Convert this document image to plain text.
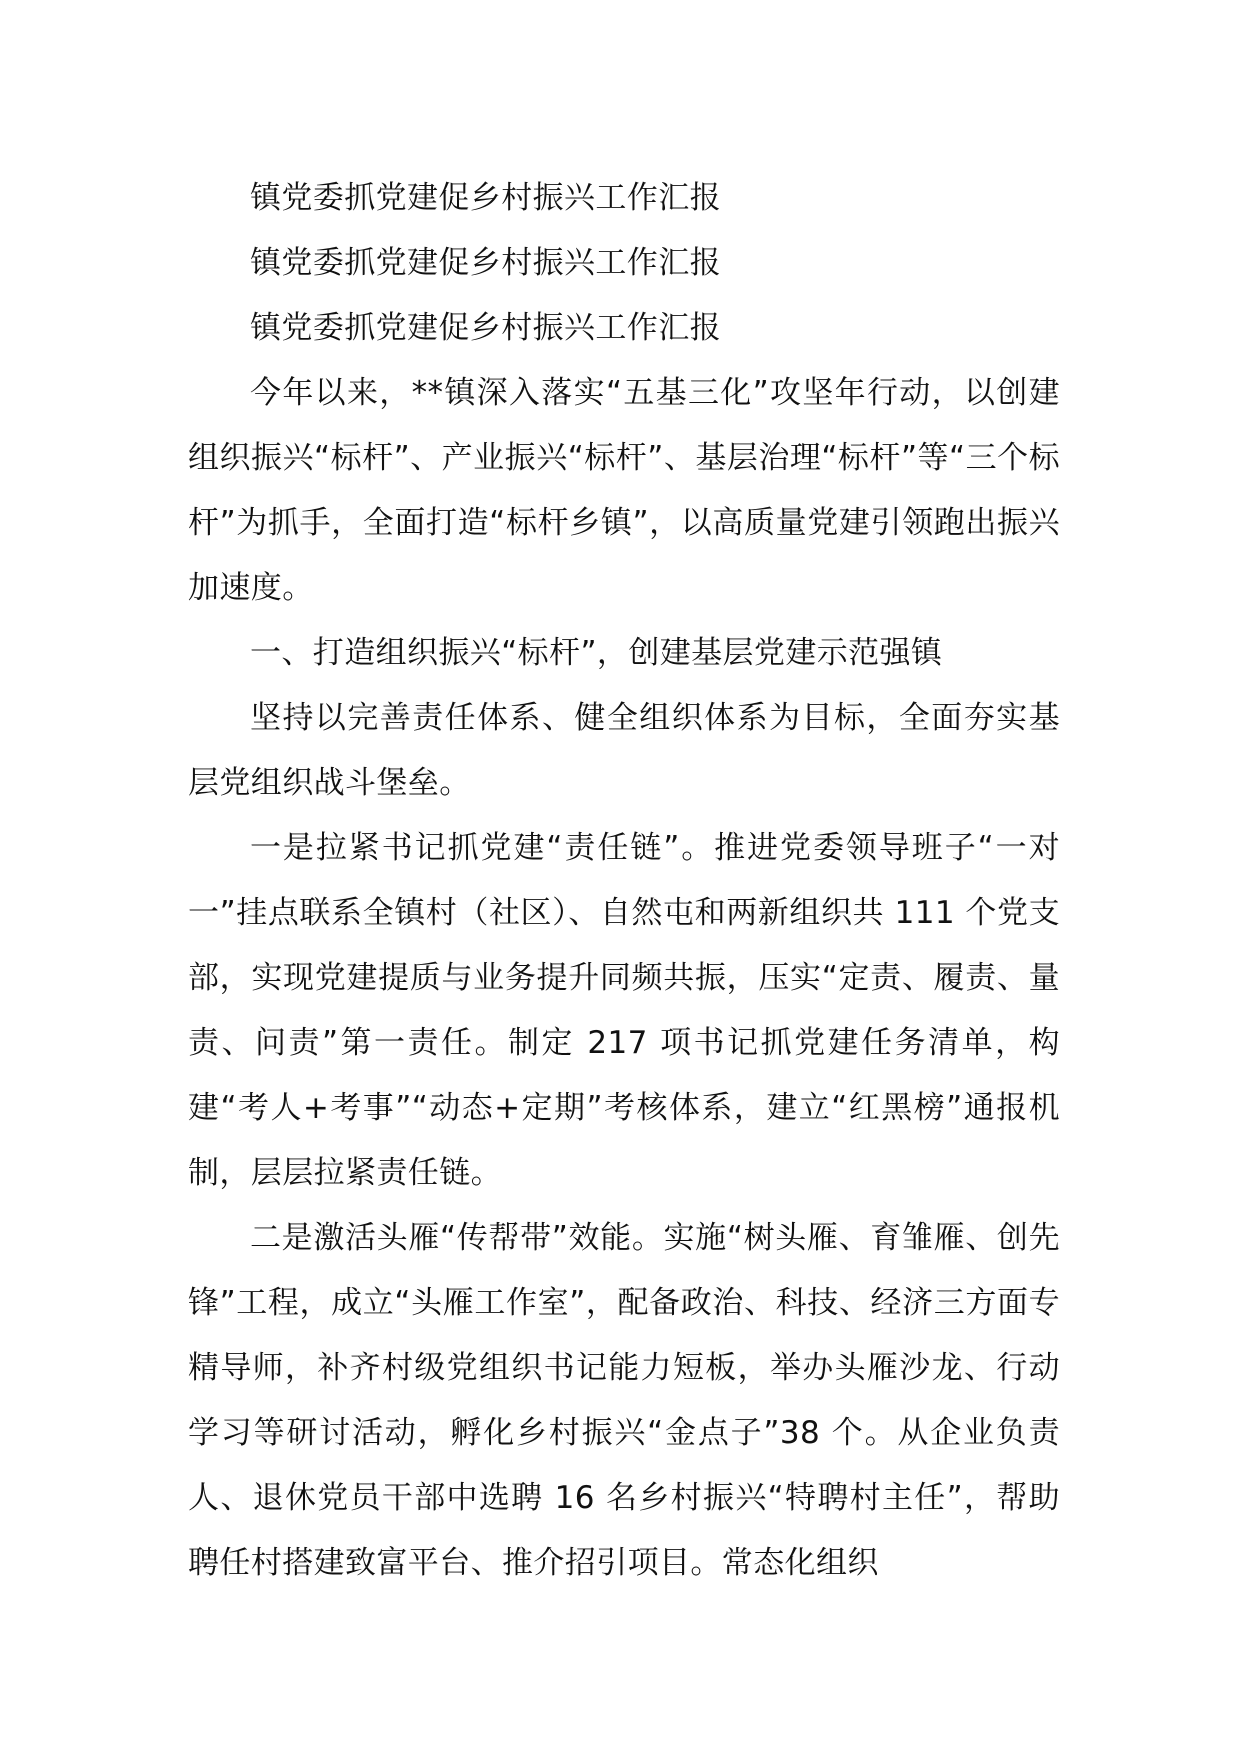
镇党委抓党建促乡村振兴工作汇报

镇党委抓党建促乡村振兴工作汇报

镇党委抓党建促乡村振兴工作汇报

今年以来，**镇深入落实“五基三化”攻坚年行动，以创建组织振兴“标杆”、产业振兴“标杆”、基层治理“标杆”等“三个标杆”为抓手，全面打造“标杆乡镇”，以高质量党建引领跑出振兴加速度。

一、打造组织振兴“标杆”，创建基层党建示范强镇

坚持以完善责任体系、健全组织体系为目标，全面夯实基层党组织战斗堡垒。

一是拉紧书记抓党建“责任链”。推进党委领导班子“一对一”挂点联系全镇村（社区）、自然屯和两新组织共 111 个党支部，实现党建提质与业务提升同频共振，压实“定责、履责、量责、问责”第一责任。制定 217 项书记抓党建任务清单，构建“考人+考事”“动态+定期”考核体系，建立“红黑榜”通报机制，层层拉紧责任链。

二是激活头雁“传帮带”效能。实施“树头雁、育雏雁、创先锋”工程，成立“头雁工作室”，配备政治、科技、经济三方面专精导师，补齐村级党组织书记能力短板，举办头雁沙龙、行动学习等研讨活动，孵化乡村振兴“金点子”38 个。从企业负责人、退休党员干部中选聘 16 名乡村振兴“特聘村主任”，帮助聘任村搭建致富平台、推介招引项目。常态化组织
